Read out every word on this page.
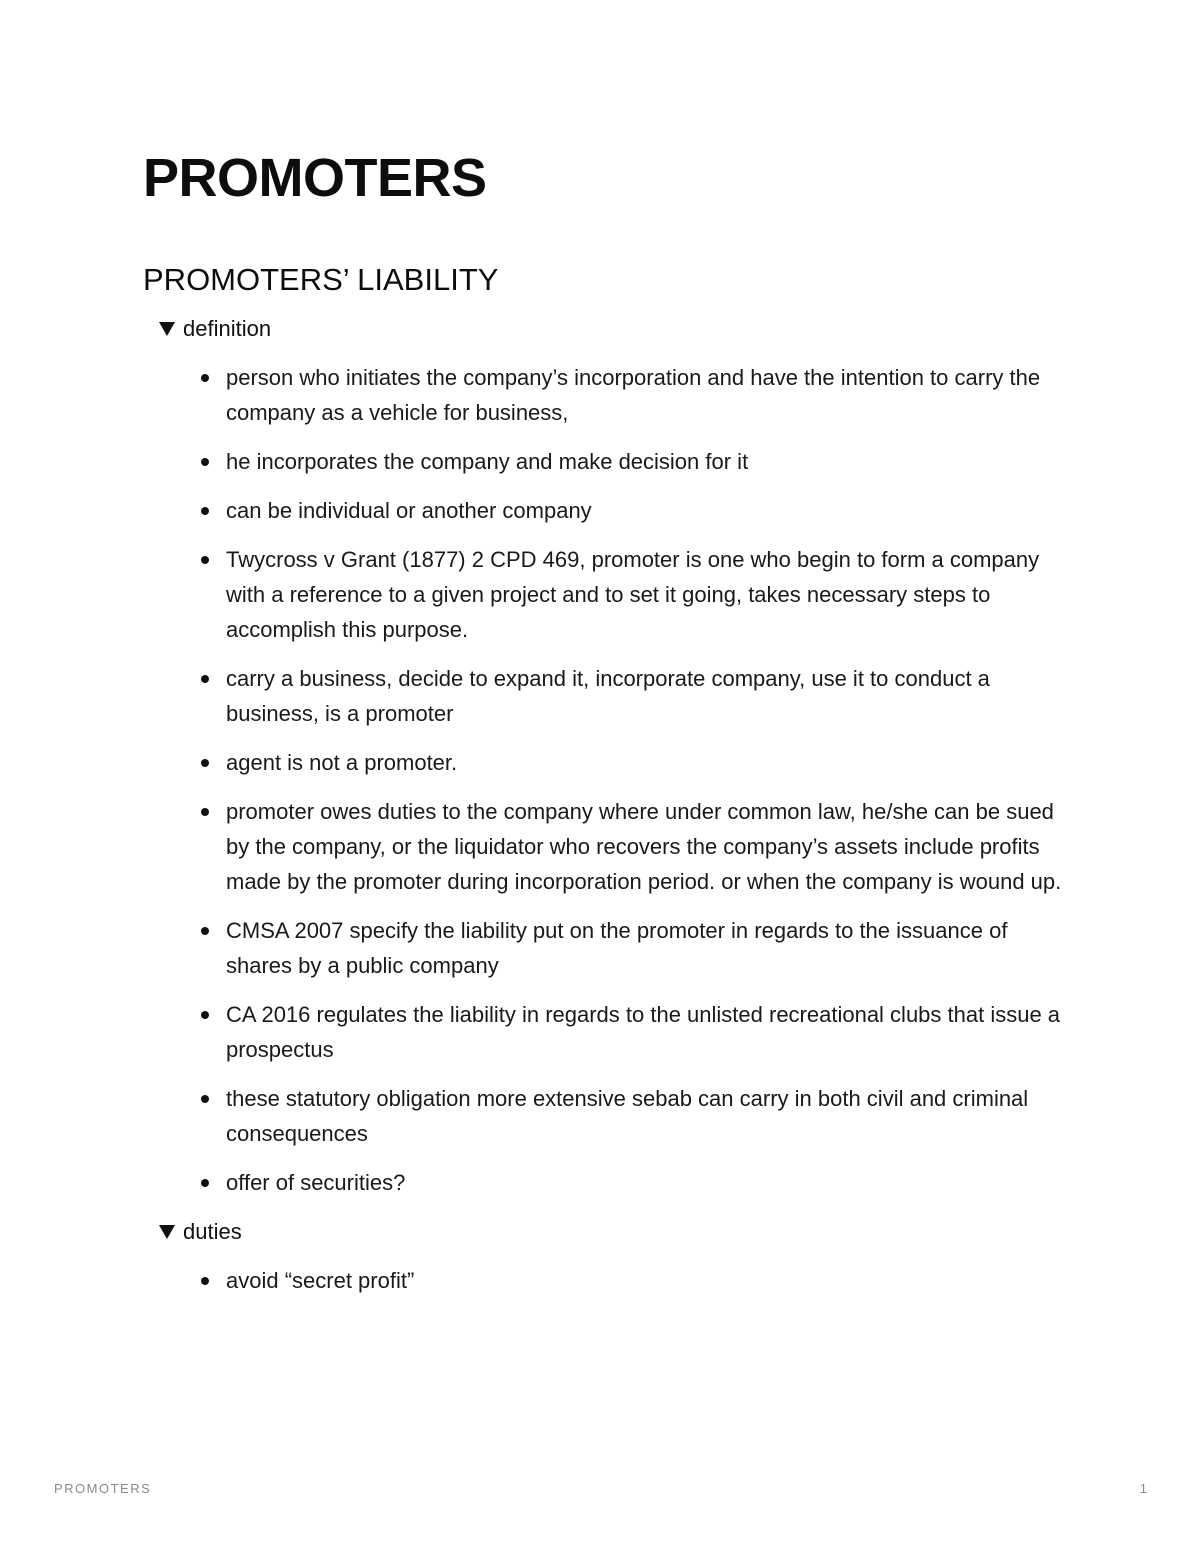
PROMOTERS
PROMOTERS’ LIABILITY
definition
person who initiates the company’s incorporation and have the intention to carry the company as a vehicle for business,
he incorporates the company and make decision for it
can be individual or another company
Twycross v Grant (1877) 2 CPD 469, promoter is one who begin to form a company with a reference to a given project and to set it going, takes necessary steps to accomplish this purpose.
carry a business, decide to expand it, incorporate company, use it to conduct a business, is a promoter
agent is not a promoter.
promoter owes duties to the company where under common law, he/she can be sued by the company, or the liquidator who recovers the company’s assets include profits made by the promoter during incorporation period. or when the company is wound up.
CMSA 2007 specify the liability put on the promoter in regards to the issuance of shares by a public company
CA 2016 regulates the liability in regards to the unlisted recreational clubs that issue a prospectus
these statutory obligation more extensive sebab can carry in both civil and criminal consequences
offer of securities?
duties
avoid “secret profit”
PROMOTERS	1
